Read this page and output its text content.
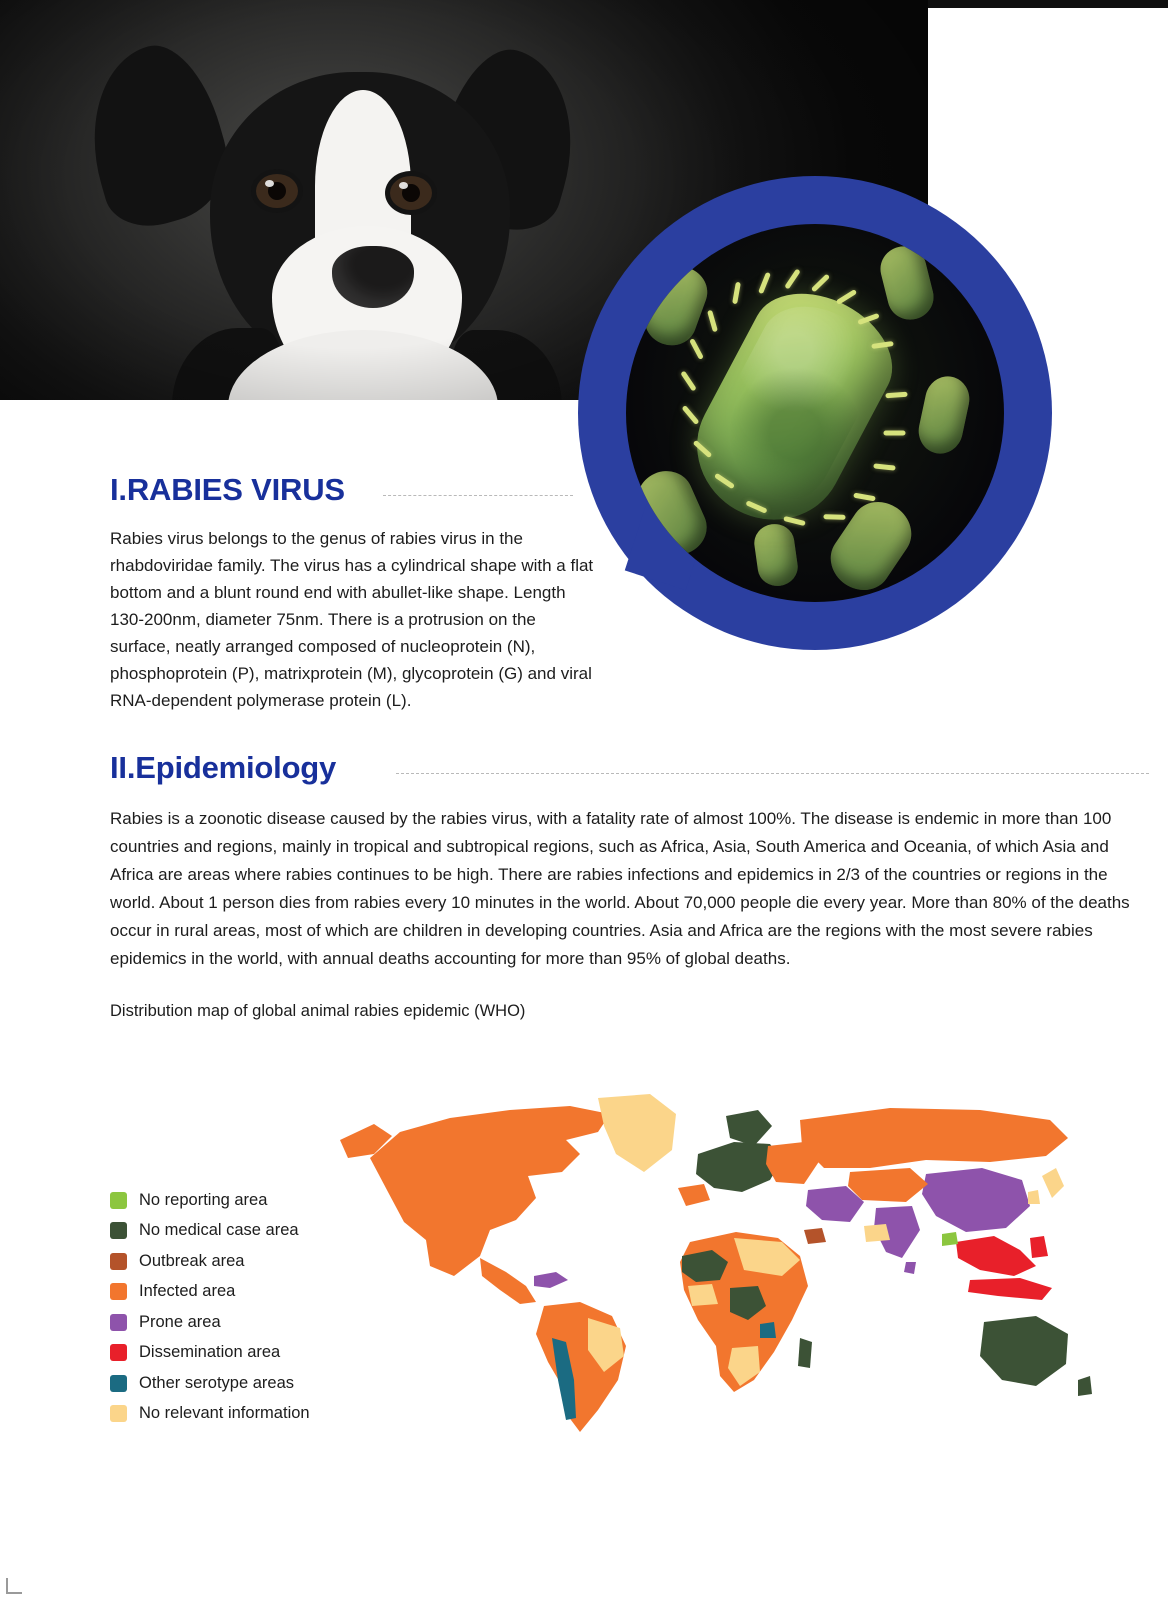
I.RABIES VIRUS
Rabies virus belongs to the genus of rabies virus in the rhabdoviridae family. The virus has a cylindrical shape with a flat bottom and a blunt round end with abullet-like shape. Length 130-200nm, diameter 75nm. There is a protrusion on the surface, neatly arranged composed of nucleoprotein (N), phosphoprotein (P), matrixprotein (M), glycoprotein (G) and viral RNA-dependent polymerase protein (L).
II.Epidemiology
Rabies is a zoonotic disease caused by the rabies virus, with a fatality rate of almost 100%. The disease is endemic in more than 100 countries and regions, mainly in tropical and subtropical regions, such as Africa, Asia, South America and Oceania, of which Asia and Africa are areas where rabies continues to be high. There are rabies infections and epidemics in 2/3 of the countries or regions in the world. About 1 person dies from rabies every 10 minutes in the world. About 70,000 people die every year. More than 80% of the deaths occur in rural areas, most of which are children in developing countries. Asia and Africa are the regions with the most severe rabies epidemics in the world, with annual deaths accounting for more than 95% of global deaths.
Distribution map of global animal rabies epidemic (WHO)
No reporting area
No medical case area
Outbreak area
Infected area
Prone area
Dissemination area
Other serotype areas
No relevant information
